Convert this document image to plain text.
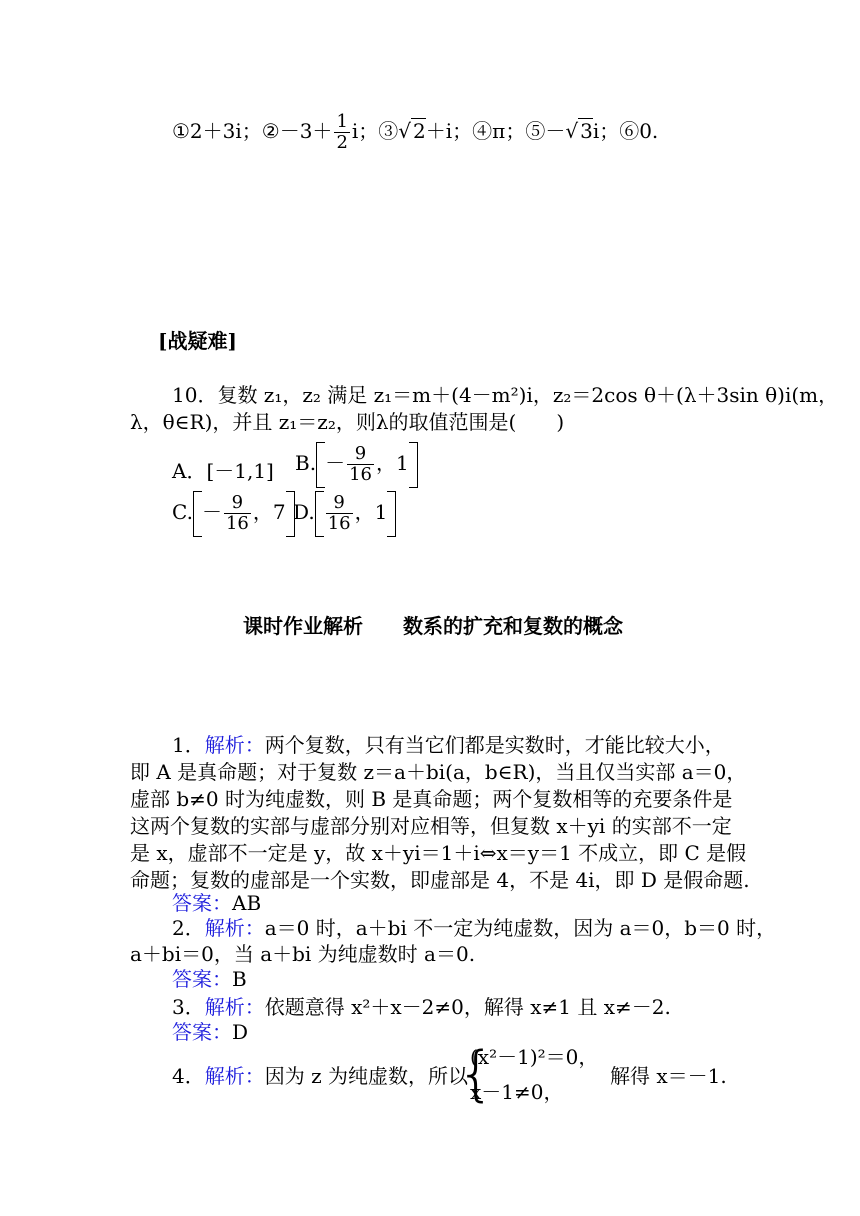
①2＋3i；②－3＋ $\frac{1}{2}$ i；③√ 2＋i；④π；⑤－√ 3i；⑥0.
[战疑难]
10．复数 z₁，z₂ 满足 z₁＝m＋(4－m²)i，z₂＝2cos θ＋(λ＋3sin θ)i(m，
λ，θ∈R)，并且 z₁＝z₂，则λ的取值范围是(　　)
A．[－1,1] B. － $\frac{9}{16}$ ，1
C. － $\frac{9}{16}$ ，7 D. $\frac{9}{16}$ ，1
课时作业解析　　数系的扩充和复数的概念
1．解析：两个复数，只有当它们都是实数时，才能比较大小，
即 A 是真命题；对于复数 z＝a＋bi(a，b∈R)，当且仅当实部 a＝0，
虚部 b≠0 时为纯虚数，则 B 是真命题；两个复数相等的充要条件是
这两个复数的实部与虚部分别对应相等，但复数 x＋yi 的实部不一定
是 x，虚部不一定是 y，故 x＋yi＝1＋i⇔x＝y＝1 不成立，即 C 是假
命题；复数的虚部是一个实数，即虚部是 4，不是 4i，即 D 是假命题.
答案：AB
2．解析：a＝0 时，a＋bi 不一定为纯虚数，因为 a＝0，b＝0 时，
a＋bi＝0，当 a＋bi 为纯虚数时 a＝0.
答案：B
3．解析：依题意得 x²＋x－2≠0，解得 x≠1 且 x≠－2.
答案：D
4．解析：因为 z 为纯虚数，所以
{
(x²－1)²＝0，
x－1≠0，
解得 x＝－1.
